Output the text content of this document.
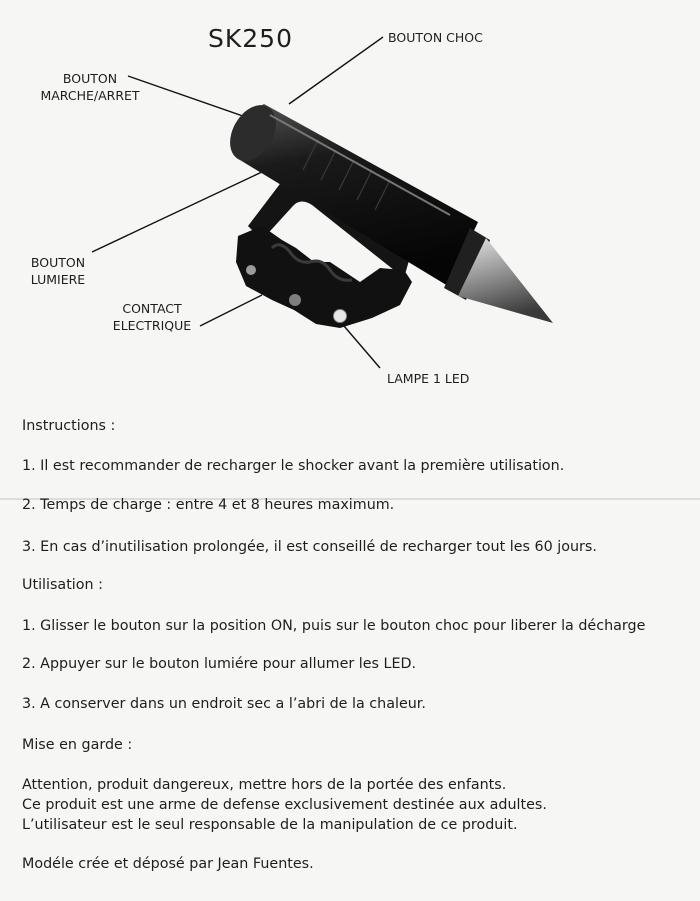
SK250	BOUTON CHOC
BOUTON
MARCHE/ARRET
BOUTON
LUMIERE
CONTACT
ELECTRIQUE
LAMPE 1 LED
Instructions :
1. Il est recommander de recharger le shocker avant la première utilisation.
2. Temps de charge : entre 4 et 8 heures maximum.
3. En cas d’inutilisation prolongée, il est conseillé de recharger tout les 60 jours.
Utilisation :
1. Glisser le bouton sur la position ON, puis sur le bouton choc pour liberer la décharge
2. Appuyer sur le bouton lumiére pour allumer les LED.
3. A conserver dans un endroit sec a l’abri de la chaleur.
Mise en garde :
Attention, produit dangereux, mettre hors de la portée des enfants.
Ce produit est une arme de defense exclusivement destinée aux adultes.
L’utilisateur est le seul responsable de la manipulation de ce produit.
Modéle crée et déposé par Jean Fuentes.
